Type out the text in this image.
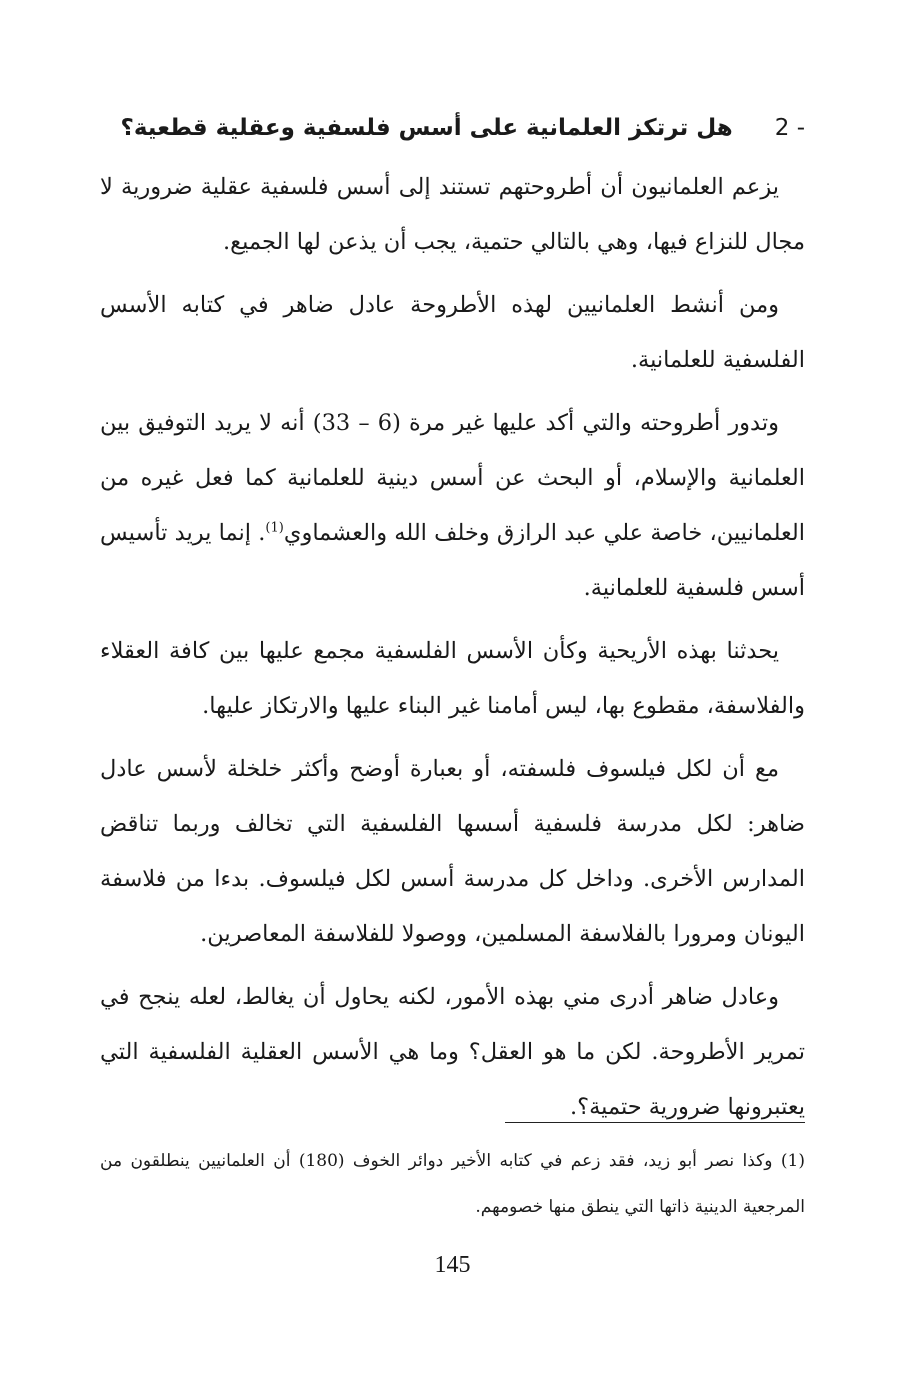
2 -هل ترتكز العلمانية على أسس فلسفية وعقلية قطعية؟

يزعم العلمانيون أن أطروحتهم تستند إلى أسس فلسفية عقلية ضرورية لا مجال للنزاع فيها، وهي بالتالي حتمية، يجب أن يذعن لها الجميع.

ومن أنشط العلمانيين لهذه الأطروحة عادل ضاهر في كتابه الأسس الفلسفية للعلمانية.

وتدور أطروحته والتي أكد عليها غير مرة (6 – 33) أنه لا يريد التوفيق بين العلمانية والإسلام، أو البحث عن أسس دينية للعلمانية كما فعل غيره من العلمانيين، خاصة علي عبد الرازق وخلف الله والعشماوي$^{(1)}$. إنما يريد تأسيس أسس فلسفية للعلمانية.

يحدثنا بهذه الأريحية وكأن الأسس الفلسفية مجمع عليها بين كافة العقلاء والفلاسفة، مقطوع بها، ليس أمامنا غير البناء عليها والارتكاز عليها.

مع أن لكل فيلسوف فلسفته، أو بعبارة أوضح وأكثر خلخلة لأسس عادل ضاهر: لكل مدرسة فلسفية أسسها الفلسفية التي تخالف وربما تناقض المدارس الأخرى. وداخل كل مدرسة أسس لكل فيلسوف. بدءا من فلاسفة اليونان ومرورا بالفلاسفة المسلمين، ووصولا للفلاسفة المعاصرين.

وعادل ضاهر أدرى مني بهذه الأمور، لكنه يحاول أن يغالط، لعله ينجح في تمرير الأطروحة. لكن ما هو العقل؟ وما هي الأسس العقلية الفلسفية التي يعتبرونها ضرورية حتمية؟.

(1) وكذا نصر أبو زيد، فقد زعم في كتابه الأخير دوائر الخوف (180) أن العلمانيين ينطلقون من المرجعية الدينية ذاتها التي ينطق منها خصومهم.

145
